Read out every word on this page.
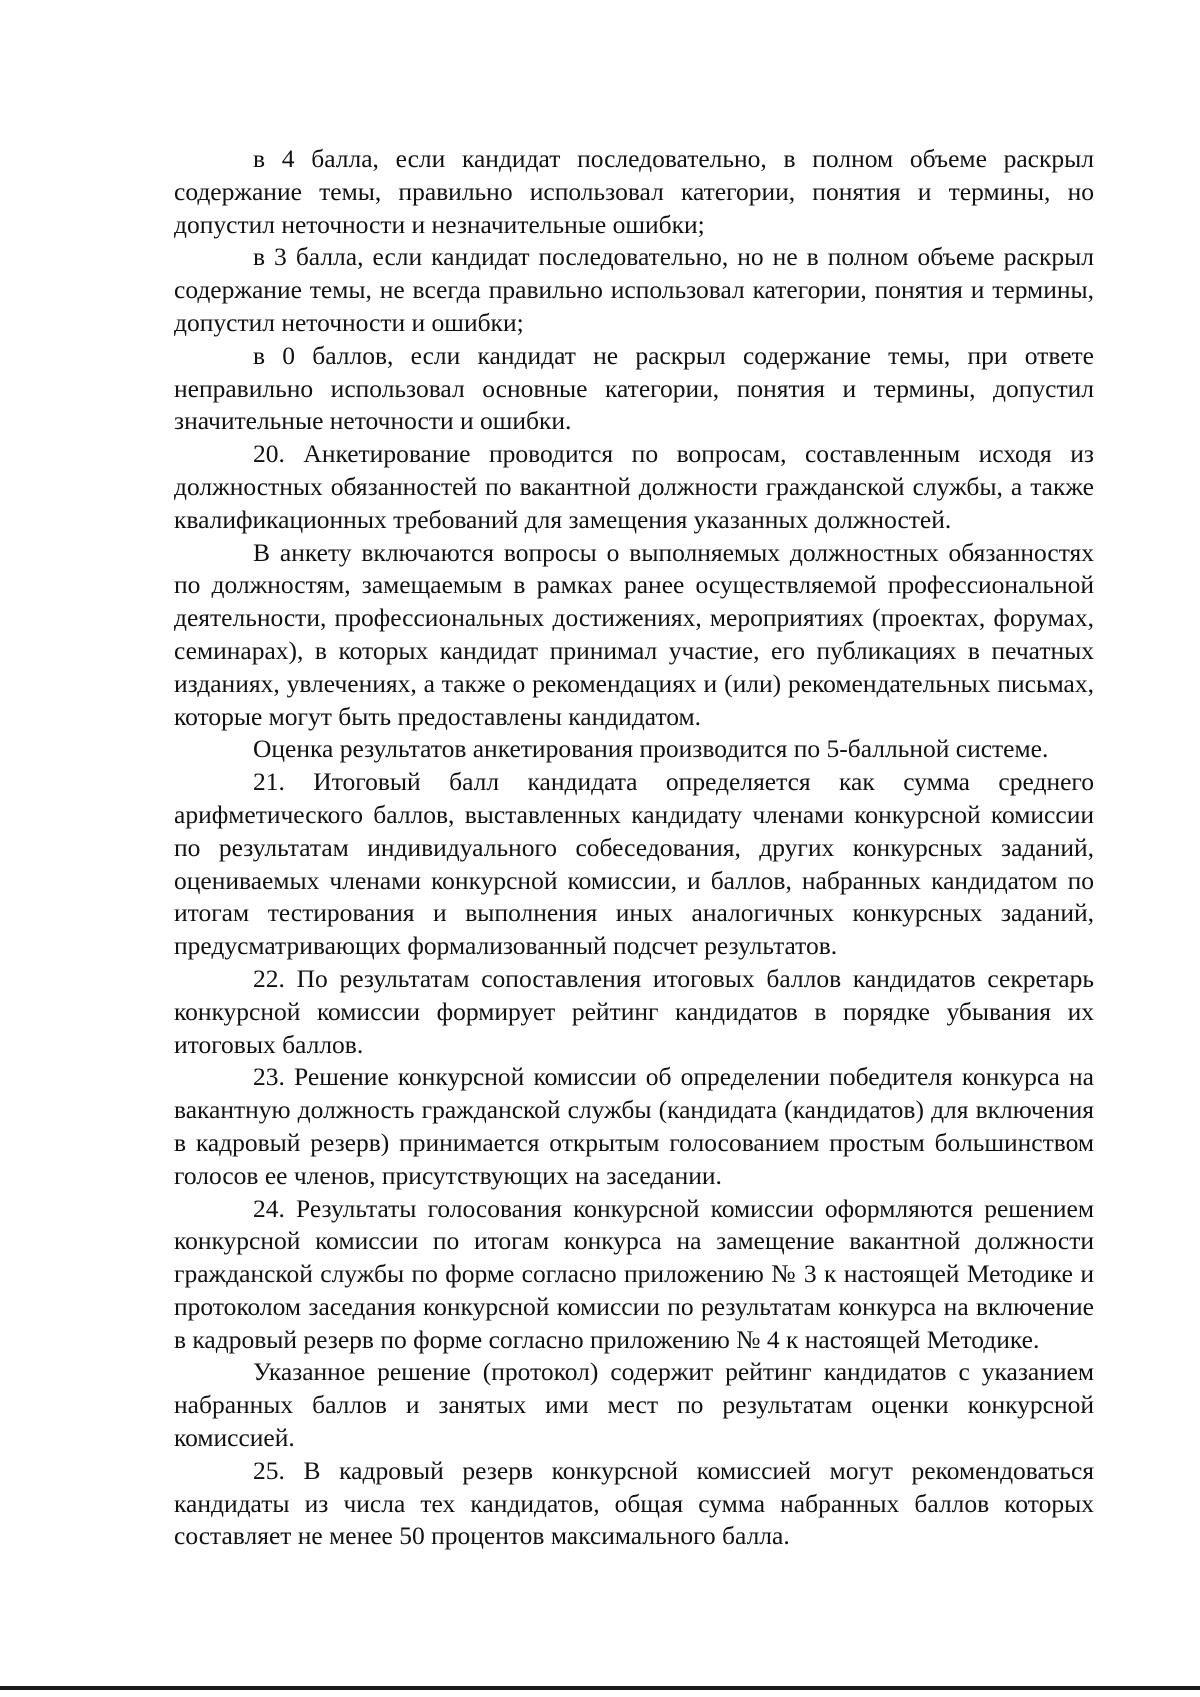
в 4 балла, если кандидат последовательно, в полном объеме раскрыл содержание темы, правильно использовал категории, понятия и термины, но допустил неточности и незначительные ошибки;

в 3 балла, если кандидат последовательно, но не в полном объеме раскрыл содержание темы, не всегда правильно использовал категории, понятия и термины, допустил неточности и ошибки;

в 0 баллов, если кандидат не раскрыл содержание темы, при ответе неправильно использовал основные категории, понятия и термины, допустил значительные неточности и ошибки.

20. Анкетирование проводится по вопросам, составленным исходя из должностных обязанностей по вакантной должности гражданской службы, а также квалификационных требований для замещения указанных должностей.

В анкету включаются вопросы о выполняемых должностных обязанностях по должностям, замещаемым в рамках ранее осуществляемой профессиональной деятельности, профессиональных достижениях, мероприятиях (проектах, форумах, семинарах), в которых кандидат принимал участие, его публикациях в печатных изданиях, увлечениях, а также о рекомендациях и (или) рекомендательных письмах, которые могут быть предоставлены кандидатом.

Оценка результатов анкетирования производится по 5-балльной системе.

21. Итоговый балл кандидата определяется как сумма среднего арифметического баллов, выставленных кандидату членами конкурсной комиссии по результатам индивидуального собеседования, других конкурсных заданий, оцениваемых членами конкурсной комиссии, и баллов, набранных кандидатом по итогам тестирования и выполнения иных аналогичных конкурсных заданий, предусматривающих формализованный подсчет результатов.

22. По результатам сопоставления итоговых баллов кандидатов секретарь конкурсной комиссии формирует рейтинг кандидатов в порядке убывания их итоговых баллов.

23. Решение конкурсной комиссии об определении победителя конкурса на вакантную должность гражданской службы (кандидата (кандидатов) для включения в кадровый резерв) принимается открытым голосованием простым большинством голосов ее членов, присутствующих на заседании.

24. Результаты голосования конкурсной комиссии оформляются решением конкурсной комиссии по итогам конкурса на замещение вакантной должности гражданской службы по форме согласно приложению № 3 к настоящей Методике и протоколом заседания конкурсной комиссии по результатам конкурса на включение в кадровый резерв по форме согласно приложению № 4 к настоящей Методике.

Указанное решение (протокол) содержит рейтинг кандидатов с указанием набранных баллов и занятых ими мест по результатам оценки конкурсной комиссией.

25. В кадровый резерв конкурсной комиссией могут рекомендоваться кандидаты из числа тех кандидатов, общая сумма набранных баллов которых составляет не менее 50 процентов максимального балла.
